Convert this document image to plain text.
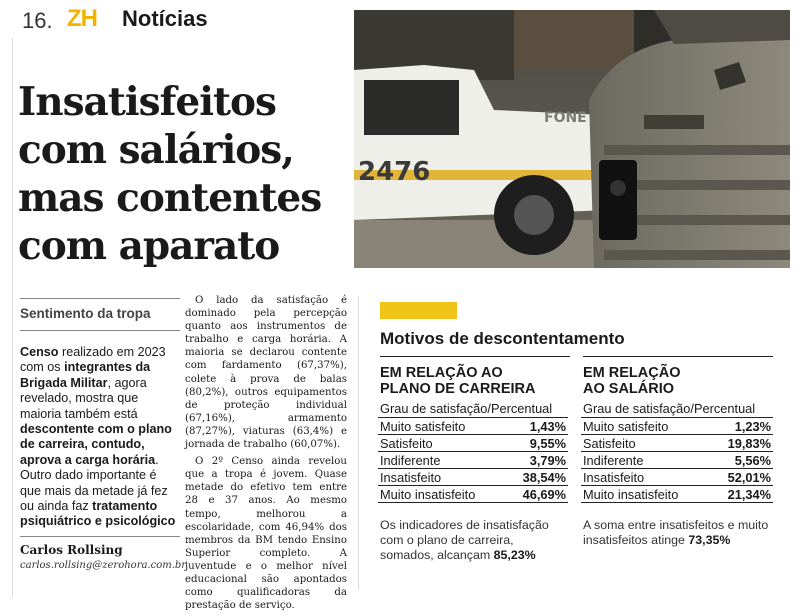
16. ZH Notícias
2476
FONE
Insatisfeitos
com salários,
mas contentes
com aparato
Sentimento da tropa
Censo realizado em 2023 com os integrantes da Brigada Militar, agora revelado, mostra que maioria também está descontente com o plano de carreira, contudo, aprova a carga horária. Outro dado importante é que mais da metade já fez ou ainda faz tratamento psiquiátrico e psicológico
Carlos Rollsing
carlos.rollsing@zerohora.com.br

O lado da satisfação é dominado pela percepção quanto aos instrumentos de trabalho e carga horária. A maioria se declarou contente com fardamento (67,37%), colete à prova de balas (80,2%), outros equipamentos de proteção individual (67,16%), armamento (87,27%), viaturas (63,4%) e jornada de trabalho (60,07%).

O 2º Censo ainda revelou que a tropa é jovem. Quase metade do efetivo tem entre 28 e 37 anos. Ao mesmo tempo, melhorou a escolaridade, com 46,94% dos membros da BM tendo Ensino Superior completo. A juventude e o melhor nível educacional são apontados como qualificadoras da prestação de serviço.

Motivos de descontentamento
EM RELAÇÃO AO
PLANO DE CARREIRA
Grau de satisfação/Percentual
Muito satisfeito	1,43%
Satisfeito	9,55%
Indiferente	3,79%
Insatisfeito	38,54%
Muito insatisfeito	46,69%
Os indicadores de insatisfação com o plano de carreira, somados, alcançam 85,23%
EM RELAÇÃO
AO SALÁRIO
Grau de satisfação/Percentual
Muito satisfeito	1,23%
Satisfeito	19,83%
Indiferente	5,56%
Insatisfeito	52,01%
Muito insatisfeito	21,34%
A soma entre insatisfeitos e muito insatisfeitos atinge 73,35%
